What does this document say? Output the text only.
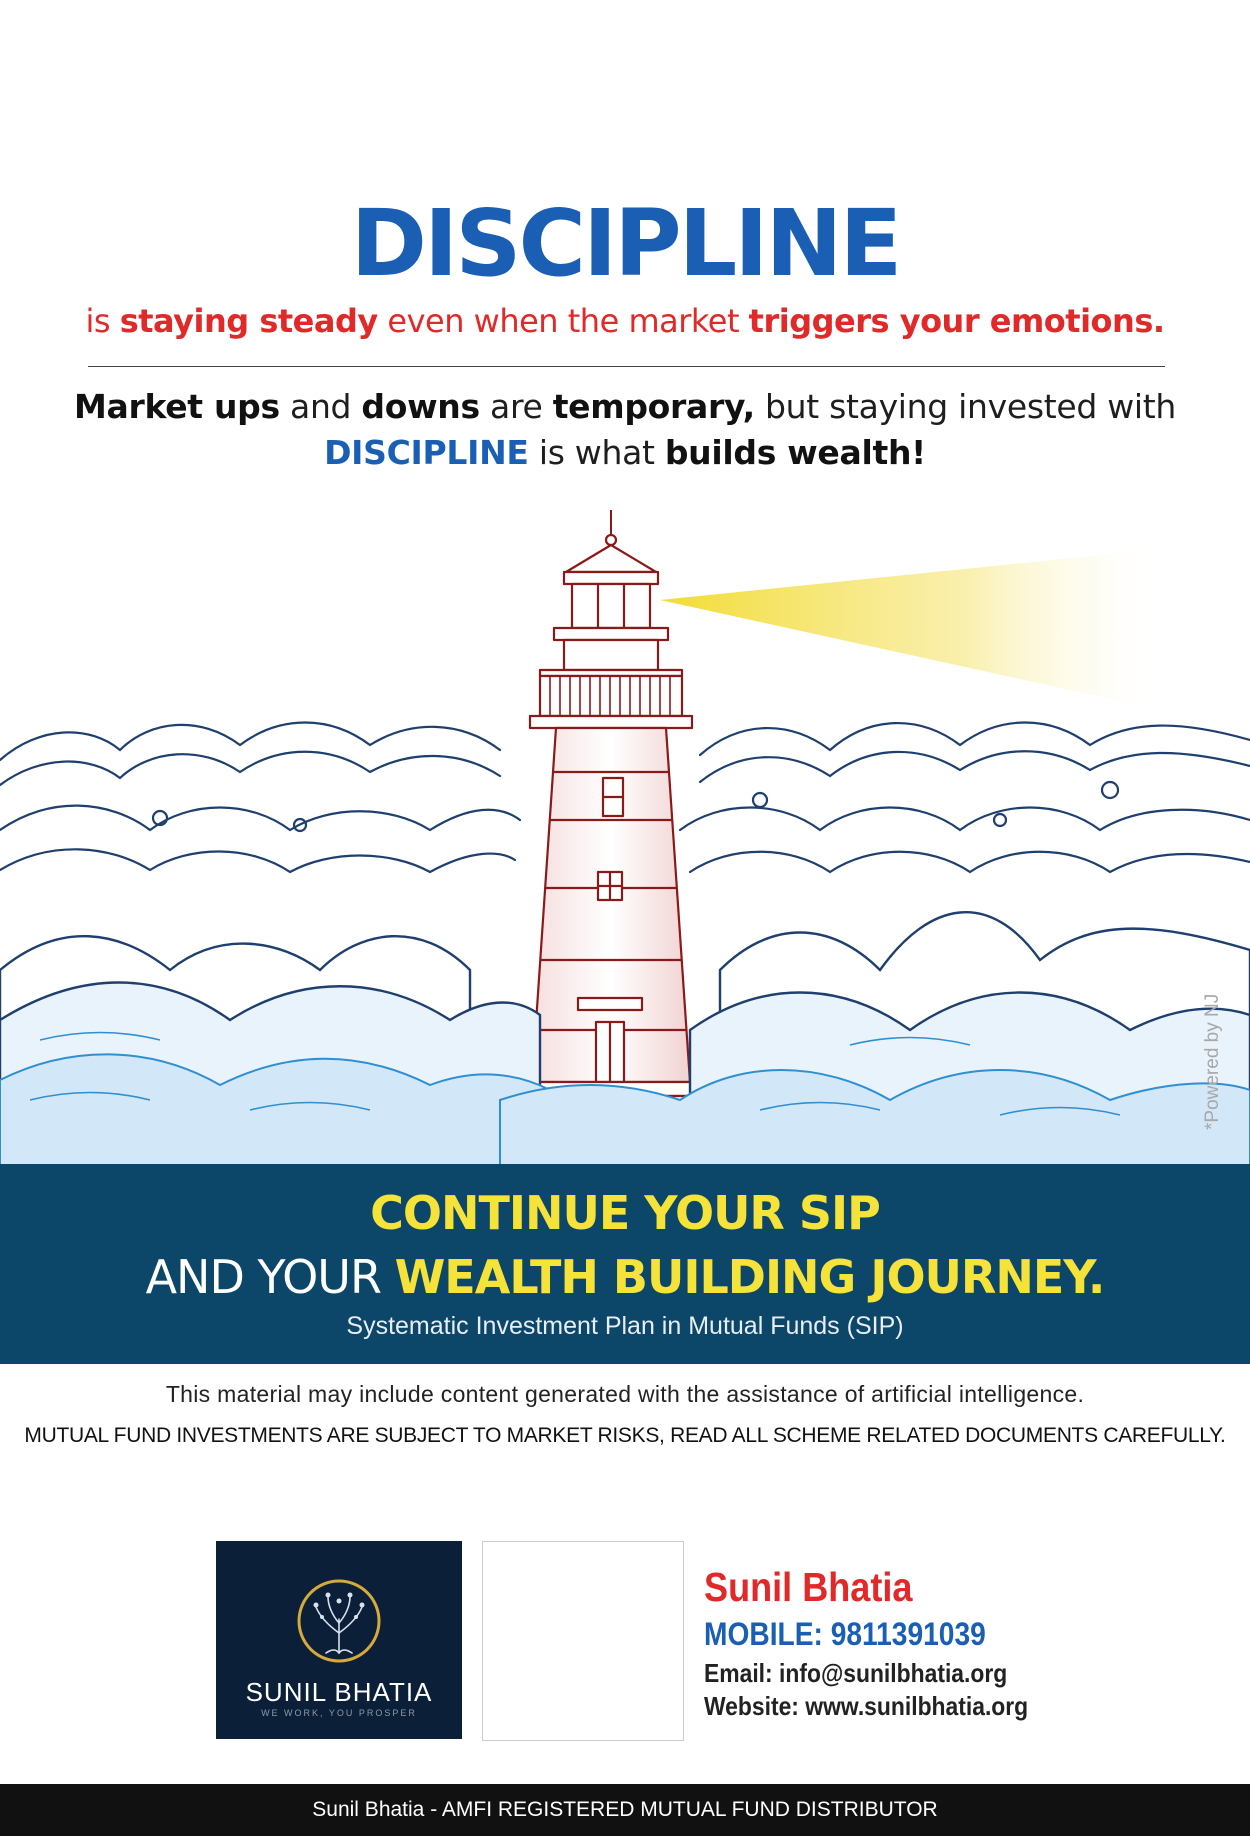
DISCIPLINE
is staying steady even when the market triggers your emotions.
Market ups and downs are temporary, but staying invested with
DISCIPLINE is what builds wealth!
*Powered by NJ
CONTINUE YOUR SIP
AND YOUR WEALTH BUILDING JOURNEY.
Systematic Investment Plan in Mutual Funds (SIP)
This material may include content generated with the assistance of artificial intelligence.
MUTUAL FUND INVESTMENTS ARE SUBJECT TO MARKET RISKS, READ ALL SCHEME RELATED DOCUMENTS CAREFULLY.
SUNIL BHATIA
WE WORK, YOU PROSPER
Sunil Bhatia
MOBILE: 9811391039
Email: info@sunilbhatia.org
Website: www.sunilbhatia.org
Sunil Bhatia - AMFI REGISTERED MUTUAL FUND DISTRIBUTOR
